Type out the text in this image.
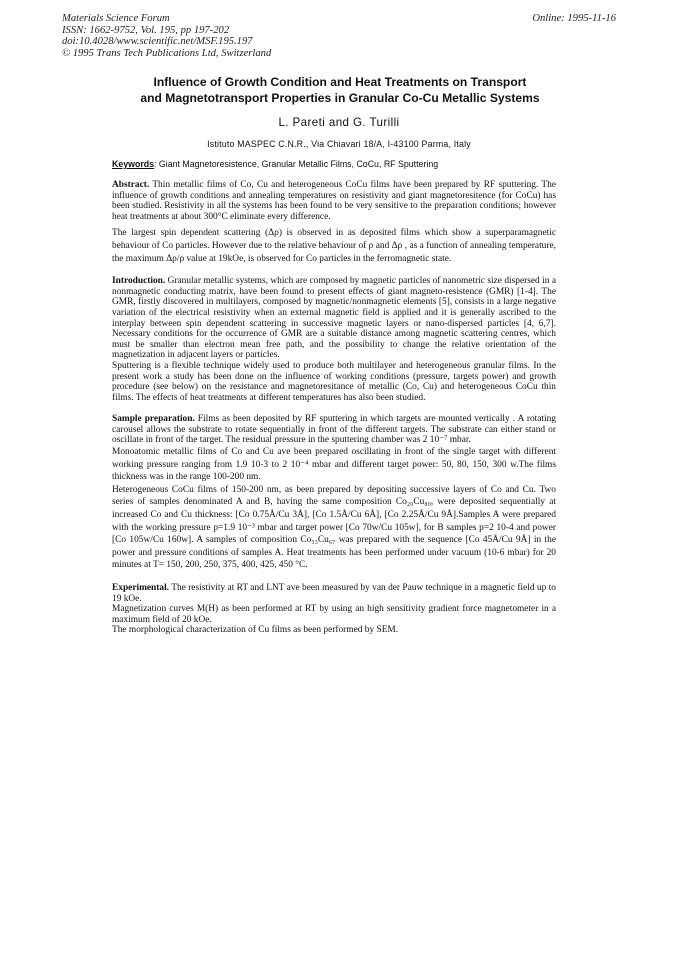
Materials Science Forum
ISSN: 1662-9752, Vol. 195, pp 197-202
doi:10.4028/www.scientific.net/MSF.195.197
© 1995 Trans Tech Publications Ltd, Switzerland
Online: 1995-11-16
Influence of Growth Condition and Heat Treatments on Transport
and Magnetotransport Properties in Granular Co-Cu Metallic Systems
L. Pareti and G. Turilli
Istituto MASPEC C.N.R., Via Chiavari 18/A, I-43100 Parma, Italy
Keywords: Giant Magnetoresistence, Granular Metallic Films, CoCu, RF Sputtering

Abstract. Thin metallic films of Co, Cu and heterogeneous CoCu films have been prepared by RF sputtering. The influence of growth conditions and annealing temperatures on resistivity and giant magnetoresitence (for CoCu) has been studied. Resistivity in all the systems has been found to be very sensitive to the preparation conditions; however heat treatments at about 300°C eliminate every difference.

The largest spin dependent scattering (Δρ) is observed in as deposited films which show a superparamagnetic behaviour of Co particles. However due to the relative behaviour of ρ and Δρ , as a function of annealing temperature, the maximum Δρ/ρ value at 19kOe, is observed for Co particles in the ferromagnetic state.

Introduction. Granular metallic systems, which are composed by magnetic particles of nanometric size dispersed in a nonmagnetic conducting matrix, have been found to present effects of giant magneto-resistence (GMR) [1-4]. The GMR, firstly discovered in multilayers, composed by magnetic/nonmagnetic elements [5], consists in a large negative variation of the electrical resistivity when an external magnetic field is applied and it is generally ascribed to the interplay between spin dependent scattering in successive magnetic layers or nano-dispersed particles [4, 6,7]. Necessary conditions for the occurrence of GMR are a suitable distance among magnetic scattering centres, which must be smaller than electron mean free path, and the possibility to change the relative orientation of the magnetization in adjacent layers or particles.

Sputtering is a flexible technique widely used to produce both multilayer and heterogeneous granular films. In the present work a study has been done on the influence of working conditions (pressure, targets power) and growth procedure (see below) on the resistance and magnetoresitance of metallic (Co, Cu) and heterogeneous CoCu thin films. The effects of heat treatments at different temperatures has also been studied.

Sample preparation. Films as been deposited by RF sputtering in which targets are mounted vertically . A rotating carousel allows the substrate to rotate sequentially in front of the different targets. The substrate can either stand or oscillate in front of the target. The residual pressure in the sputtering chamber was 2 10⁻⁷ mbar.

Monoatomic metallic films of Co and Cu ave been prepared oscillating in front of the single target with different working pressure ranging from 1.9 10-3 to 2 10⁻⁴ mbar and different target power: 50, 80, 150, 300 w.The films thickness was in the range 100-200 nm.

Heterogeneous CoCu films of 150-200 nm, as been prepared by depositing successive layers of Co and Cu. Two series of samples denominated A and B, having the same composition Co₂₀Cu₈₀, were deposited sequentially at increased Co and Cu thickness: [Co 0.75Å/Cu 3Å], [Co 1.5Å/Cu 6Å], [Co 2.25Å/Cu 9Å].Samples A were prepared with the working pressure p=1.9 10⁻³ mbar and target power [Co 70w/Cu 105w], for B samples p=2 10-4 and power [Co 105w/Cu 160w]. A samples of composition Co₃₃Cu₆₇ was prepared with the sequence [Co 45Å/Cu 9Å] in the power and pressure conditions of samples A. Heat treatments has been performed under vacuum (10-6 mbar) for 20 minutes at T= 150, 200, 250, 375, 400, 425, 450 °C.

Experimental. The resistivity at RT and LNT ave been measured by van der Pauw technique in a magnetic field up to 19 kOe.

Magnetization curves M(H) as been performed at RT by using an high sensitivity gradient force magnetometer in a maximum field of 20 kOe.

The morphological characterization of Cu films as been performed by SEM.
